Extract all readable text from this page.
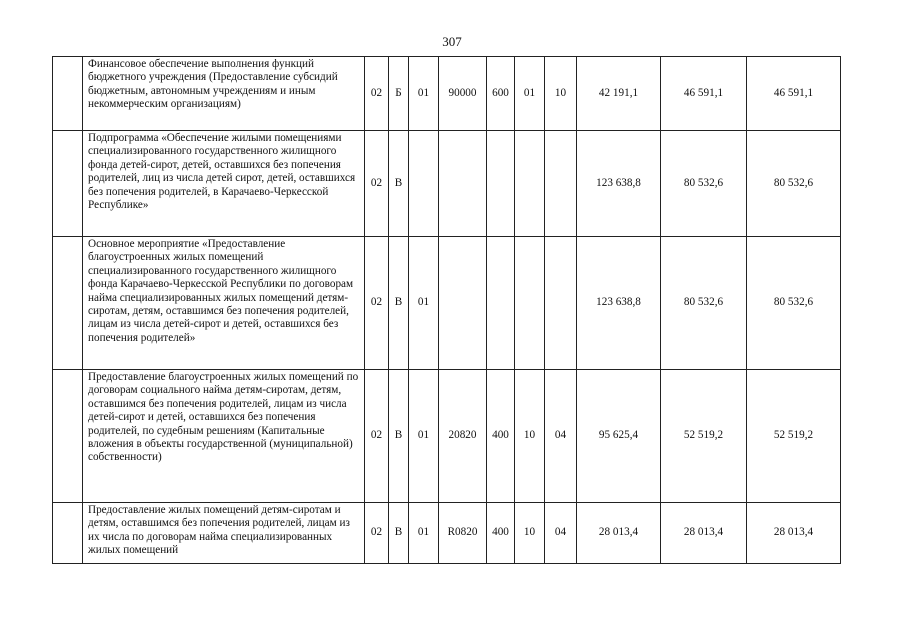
307
	Финансовое обеспечение выполнения функций бюджетного учреждения (Предоставление субсидий бюджетным, автономным учреждениям и иным некоммерческим организациям)	02	Б	01	90000	600	01	10	42 191,1	46 591,1	46 591,1
	Подпрограмма «Обеспечение жилыми помещениями специализированного государственного жилищного фонда детей-сирот, детей, оставшихся без попечения родителей, лиц из числа детей сирот, детей, оставшихся без попечения родителей, в Карачаево-Черкесской Республике»	02	В						123 638,8	80 532,6	80 532,6
	Основное мероприятие «Предоставление благоустроенных жилых помещений специализированного государственного жилищного фонда Карачаево-Черкесской Республики по договорам найма специализированных жилых помещений детям-сиротам, детям, оставшимся без попечения родителей, лицам из числа детей-сирот и детей, оставшихся без попечения родителей»	02	В	01					123 638,8	80 532,6	80 532,6
	Предоставление благоустроенных жилых помещений по договорам социального найма детям-сиротам, детям, оставшимся без попечения родителей, лицам из числа детей-сирот и детей, оставшихся без попечения родителей, по судебным решениям (Капитальные вложения в объекты государственной (муниципальной) собственности)	02	В	01	20820	400	10	04	95 625,4	52 519,2	52 519,2
	Предоставление жилых помещений детям-сиротам и детям, оставшимся без попечения родителей, лицам из их числа по договорам найма специализированных жилых помещений	02	В	01	R0820	400	10	04	28 013,4	28 013,4	28 013,4
